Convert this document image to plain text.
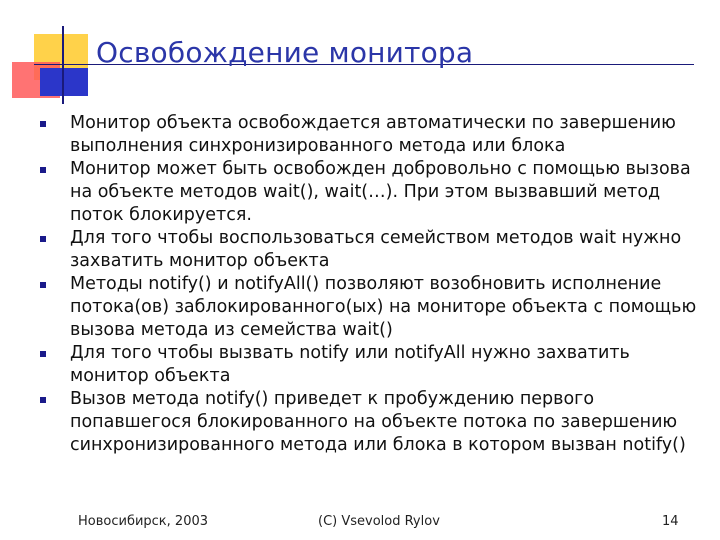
Освобождение монитора
Монитор объекта освобождается автоматически по завершению выполнения синхронизированного метода или блока
Монитор может быть освобожден добровольно с помощью вызова на объекте методов wait(), wait(…). При этом вызвавший метод поток блокируется.
Для того чтобы воспользоваться семейством методов wait нужно захватить монитор объекта
Методы notify() и notifyAll() позволяют возобновить исполнение потока(ов) заблокированного(ых) на мониторе объекта с помощью вызова метода из семейства wait()
Для того чтобы вызвать notify или notifyAll нужно захватить монитор объекта
Вызов метода notify() приведет к пробуждению первого попавшегося блокированного на объекте потока по завершению синхронизированного метода или блока в котором вызван notify()
Новосибирск, 2003	(C) Vsevolod Rylov	14
